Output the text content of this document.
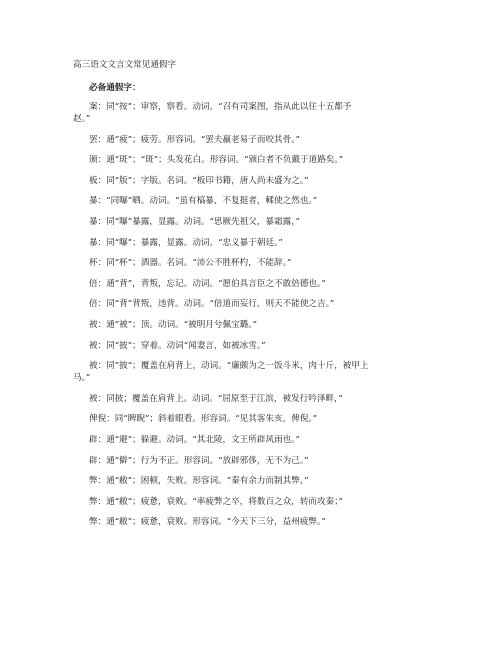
高三语文文言文常见通假字
必备通假字：
案：同“按”；审察，察看。动词。“召有司案图，指从此以往十五都予
赵。”
罢：通“疲”；疲劳。形容词。“罢夫羸老易子而咬其骨。”
颁：通“斑”；“斑”；头发花白。形容词。“颁白者不负戴于道路矣。”
板：同“版”；字版。名词。“板印书籍，唐人尚未盛为之。”
暴：“同曝”晒。动词。“虽有槁暴，不复挺者，輮使之然也。”
暴：同“曝”暴露，显露。动词。“思厥先祖父，暴霜露，”
暴：同“曝”；暴露，显露。动词。“忠义暴于朝廷。”
杯：同“杯”；酒器。名词。“沛公不胜杯杓，不能辞。”
倍：通“背”，背叛，忘记。动词。“愿伯具言臣之不敢倍德也。”
倍：同“背”背叛，违背。动词。“倍道而妄行，则天不能使之吉。”
被：通“被”；顶。动词。“被明月兮佩宝璐。”
被：同“披”；穿着。动词“闻妻言，如被冰雪。”
被：同“披”；覆盖在肩背上，动词。“廉颇为之一饭斗米，肉十斤，被甲上
马。”
被：同披；覆盖在肩背上。动词。“屈原至于江滨，被发行吟泽畔，”
俾倪：同“睥睨”；斜着眼看。形容词。“见其客朱亥，俾倪。”
辟：通“避”；躲避。动词。“其北陵，文王所辟风雨也。”
辟：通“僻”；行为不正。形容词。“放辟邪侈，无不为己。”
弊：通“敝”；困顿，失败。形容词。“秦有余力而制其弊，”
弊：通“敝”；疲惫，衰败。“率疲弊之卒，将数百之众，转而攻秦；”
弊：通“敝”；疲惫，衰败。形容词。“今天下三分，益州疲弊。”
